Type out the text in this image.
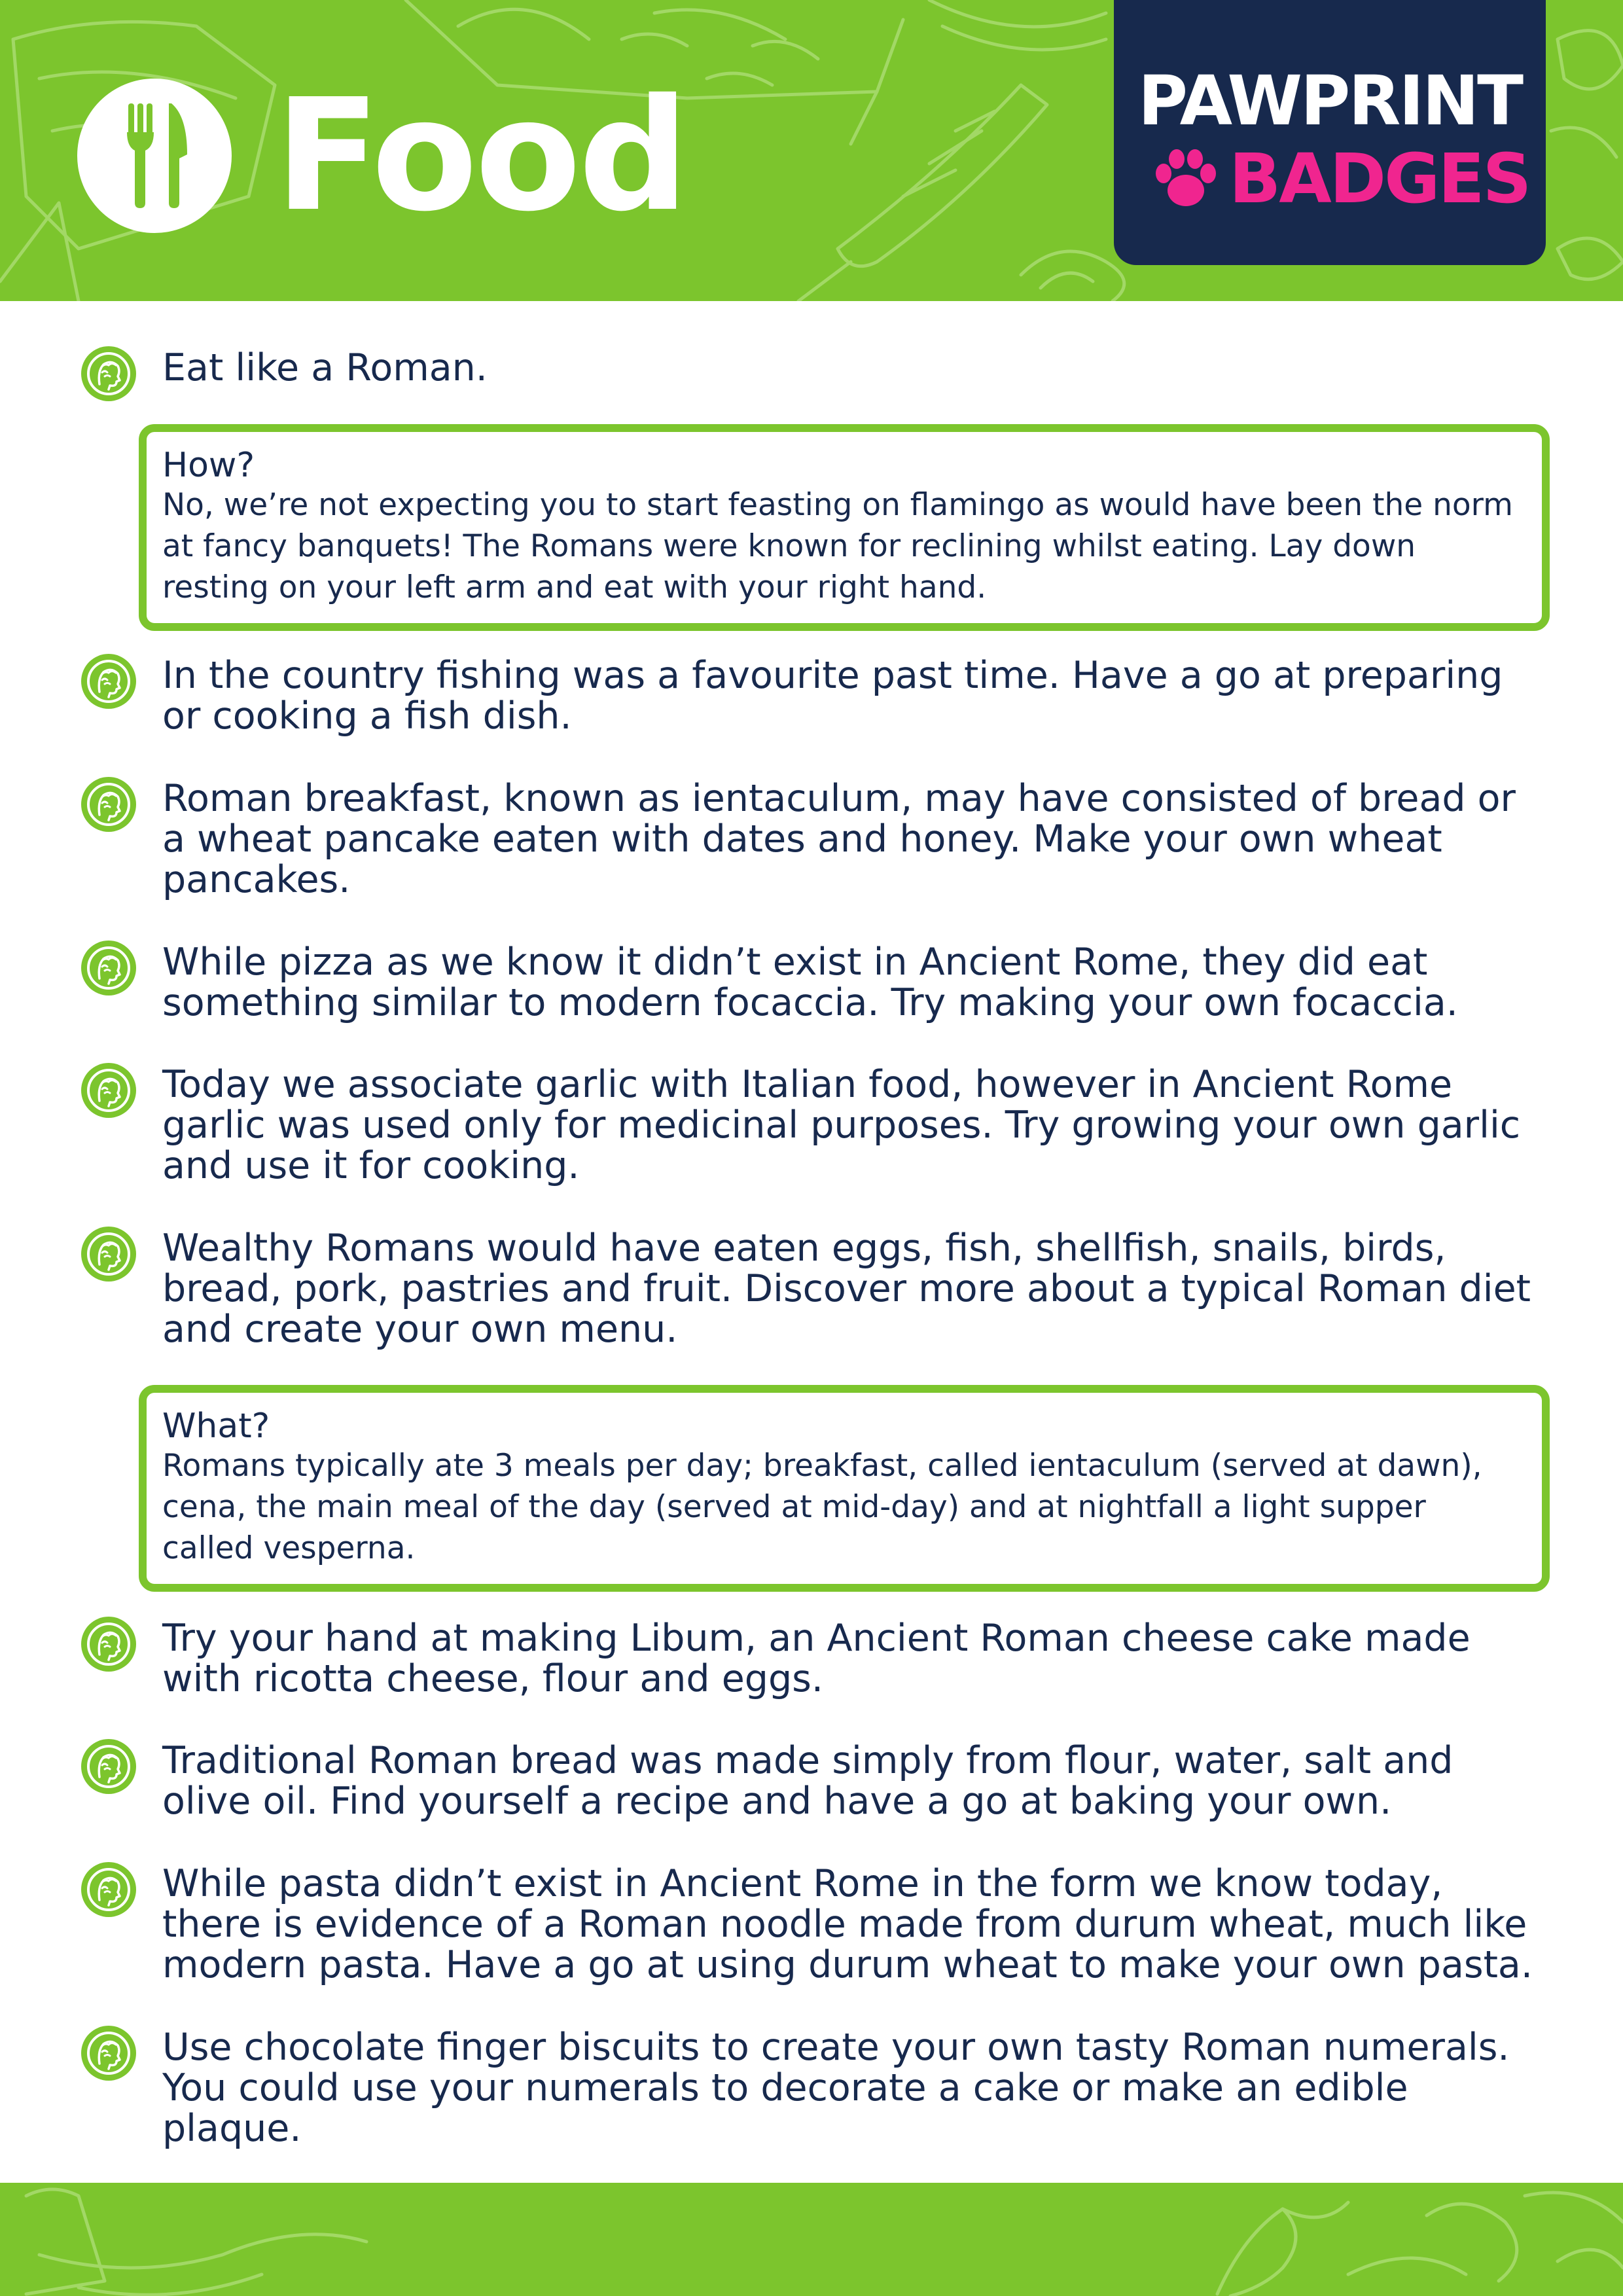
Food	PAWPRINT
BADGES
Eat like a Roman.
How?
No, we’re not expecting you to start feasting on flamingo as would have been the norm at fancy banquets! The Romans were known for reclining whilst eating. Lay down resting on your left arm and eat with your right hand.
In the country fishing was a favourite past time. Have a go at preparing or cooking a fish dish.
Roman breakfast, known as ientaculum, may have consisted of bread or a wheat pancake eaten with dates and honey. Make your own wheat pancakes.
While pizza as we know it didn’t exist in Ancient Rome, they did eat something similar to modern focaccia. Try making your own focaccia.
Today we associate garlic with Italian food, however in Ancient Rome garlic was used only for medicinal purposes. Try growing your own garlic and use it for cooking.
Wealthy Romans would have eaten eggs, fish, shellfish, snails, birds, bread, pork, pastries and fruit. Discover more about a typical Roman diet and create your own menu.
What?
Romans typically ate 3 meals per day; breakfast, called ientaculum (served at dawn), cena, the main meal of the day (served at mid-day) and at nightfall a light supper called vesperna.
Try your hand at making Libum, an Ancient Roman cheese cake made with ricotta cheese, flour and eggs.
Traditional Roman bread was made simply from flour, water, salt and olive oil. Find yourself a recipe and have a go at baking your own.
While pasta didn’t exist in Ancient Rome in the form we know today, there is evidence of a Roman noodle made from durum wheat, much like modern pasta. Have a go at using durum wheat to make your own pasta.
Use chocolate finger biscuits to create your own tasty Roman numerals. You could use your numerals to decorate a cake or make an edible plaque.
